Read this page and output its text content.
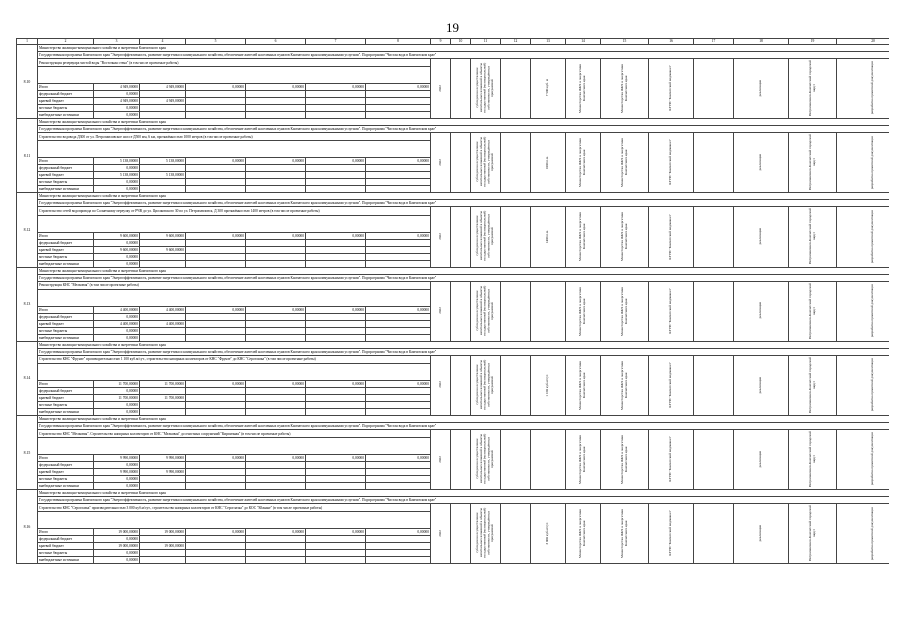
19
1	2	3	4	5	6	7	8	9	10	11	12	13	14	15	16	17	18	19	20
8.10	Министерство жилищно-коммунального хозяйства и энергетики Камчатского края																		
	Государственная программа Камчатского края "Энергоэффективность, развитие энергетики и коммунального хозяйства, обеспечение жителей населенных пунктов Камчатского края коммунальными услугами". Подпрограмма "Чистая вода в Камчатском крае"																		
	Реконструкция резервуара чистой воды "Восточная стена" (в том числе проектные работы)							2022		субсидии на осуществление капитальных вложений в объекты государственной (муниципальной) собственности, утверждённых программой		7 500 куб. м	Министерство ЖКХ и энергетики Камчатского края	Министерство ЖКХ и энергетики Камчатского края	КГУП "Камчатский водоканал"		реализация	Петропавловск-Камчатский городской округ	разработка проектной документации

	Итого	4 949,00000	4 949,00000	0,00000	0,00000	0,00000	0,00000												
	федеральный бюджет	0,00000																	
	краевой бюджет	4 949,00000	4 949,00000																
	местные бюджеты	0,00000																	
	внебюджетные источники	0,00000																	
8.11	Министерство жилищно-коммунального хозяйства и энергетики Камчатского края																		
	Государственная программа Камчатского края "Энергоэффективность, развитие энергетики и коммунального хозяйства, обеспечение жителей населенных пунктов Камчатского края коммунальными услугами". Подпрограмма "Чистая вода в Камчатском крае"																		
	Строительство водовода Д300 от ул. Петропавловское шоссе Д500 мм, 6 км, протяжённостью 1000 метров (в том числе проектные работы)							2022		субсидии на осуществление капитальных вложений в объекты государственной (муниципальной) собственности, утверждённых программой		1000 п.м.	Министерство ЖКХ и энергетики Камчатского края	Министерство ЖКХ и энергетики Камчатского края	КГУП "Камчатский водоканал"		реализация	Петропавловск-Камчатский городской округ	разработка проектной документации

	Итого	5 138,00000	5 138,00000	0,00000	0,00000	0,00000	0,00000												
	федеральный бюджет	0,00000																	
	краевой бюджет	5 138,00000	5 138,00000																
	местные бюджеты	0,00000																	
	внебюджетные источники	0,00000																	
8.12	Министерство жилищно-коммунального хозяйства и энергетики Камчатского края																		
	Государственная программа Камчатского края "Энергоэффективность, развитие энергетики и коммунального хозяйства, обеспечение жителей населенных пунктов Камчатского края коммунальными услугами". Подпрограмма "Чистая вода в Камчатском крае"																		
	Строительство сетей водопровода по Солнечному переулку от РЧВ до ул. Циолковского 30 по ул. Петропавловск, Д 300 протяжённостью 1400 метров (в том числе проектные работы)							2022		субсидии на осуществление капитальных вложений в объекты государственной (муниципальной) собственности, утверждённых программой		1400 п.м.	Министерство ЖКХ и энергетики Камчатского края	Министерство ЖКХ и энергетики Камчатского края	КГУП "Камчатский водоканал"		реализация	Петропавловск-Камчатский городской округ	разработка проектной документации

	Итого	9 600,00000	9 600,00000	0,00000	0,00000	0,00000	0,00000												
	федеральный бюджет	0,00000																	
	краевой бюджет	9 600,00000	9 600,00000																
	местные бюджеты	0,00000																	
	внебюджетные источники	0,00000																	
8.13	Министерство жилищно-коммунального хозяйства и энергетики Камчатского края																		
	Государственная программа Камчатского края "Энергоэффективность, развитие энергетики и коммунального хозяйства, обеспечение жителей населенных пунктов Камчатского края коммунальными услугами". Подпрограмма "Чистая вода в Камчатском крае"																		
	Реконструкция КНС "Мелковая" (в том числе проектные работы)							2022		субсидии на осуществление капитальных вложений в объекты государственной (муниципальной) собственности, утверждённых программой			Министерство ЖКХ и энергетики Камчатского края	Министерство ЖКХ и энергетики Камчатского края	КГУП "Камчатский водоканал"		реализация	Петропавловск-Камчатский городской округ	разработка проектной документации

	Итого	4 400,00000	4 400,00000	0,00000	0,00000	0,00000	0,00000												
	федеральный бюджет	0,00000																	
	краевой бюджет	4 400,00000	4 400,00000																
	местные бюджеты	0,00000																	
	внебюджетные источники	0,00000																	
8.14	Министерство жилищно-коммунального хозяйства и энергетики Камчатского края																		
	Государственная программа Камчатского края "Энергоэффективность, развитие энергетики и коммунального хозяйства, обеспечение жителей населенных пунктов Камчатского края коммунальными услугами". Подпрограмма "Чистая вода в Камчатском крае"																		
	Строительство КНС "Фрунзе" производительностью 1 100 куб.м/сут., строительство напорных коллекторов от КНС "Фрунзе" до КНС "Сероглазка" (в том числе проектные работы)							2022		субсидии на осуществление капитальных вложений в объекты государственной (муниципальной) собственности, утверждённых программой		1 100 куб.м/сут.	Министерство ЖКХ и энергетики Камчатского края	Министерство ЖКХ и энергетики Камчатского края	КГУП "Камчатский водоканал"		реализация	Петропавловск-Камчатский городской округ	разработка проектной документации

	Итого	11 700,00000	11 700,00000	0,00000	0,00000	0,00000	0,00000												
	федеральный бюджет	0,00000																	
	краевой бюджет	11 700,00000	11 700,00000																
	местные бюджеты	0,00000																	
	внебюджетные источники	0,00000																	
8.15	Министерство жилищно-коммунального хозяйства и энергетики Камчатского края																		
	Государственная программа Камчатского края "Энергоэффективность, развитие энергетики и коммунального хозяйства, обеспечение жителей населенных пунктов Камчатского края коммунальными услугами". Подпрограмма "Чистая вода в Камчатском крае"																		
	Строительство КНС "Мелковая". Строительство напорных коллекторов от КНС "Мелковая" до очистных сооружений "Кирпичная" (в том числе проектные работы)							2022		субсидии на осуществление капитальных вложений в объекты государственной (муниципальной) собственности, утверждённых программой			Министерство ЖКХ и энергетики Камчатского края	Министерство ЖКХ и энергетики Камчатского края	КГУП "Камчатский водоканал"		реализация	Петропавловск-Камчатский городской округ	разработка проектной документации

	Итого	9 990,00000	9 990,00000	0,00000	0,00000	0,00000	0,00000												
	федеральный бюджет	0,00000																	
	краевой бюджет	9 990,00000	9 990,00000																
	местные бюджеты	0,00000																	
	внебюджетные источники	0,00000																	
8.16	Министерство жилищно-коммунального хозяйства и энергетики Камчатского края																		
	Государственная программа Камчатского края "Энергоэффективность, развитие энергетики и коммунального хозяйства, обеспечение жителей населенных пунктов Камчатского края коммунальными услугами". Подпрограмма "Чистая вода в Камчатском крае"																		
	Строительство КНС "Сероглазка" производительностью 3 000 куб.м/сут., строительство напорных коллекторов от КНС "Сероглазка" до КОС "Южные" (в том числе проектные работы)							2022		субсидии на осуществление капитальных вложений в объекты государственной (муниципальной) собственности, утверждённых программой		3 000 куб.м/сут.	Министерство ЖКХ и энергетики Камчатского края	Министерство ЖКХ и энергетики Камчатского края	КГУП "Камчатский водоканал"		реализация	Петропавловск-Камчатский городской округ	разработка проектной документации

	Итого	19 000,00000	19 000,00000	0,00000	0,00000	0,00000	0,00000												
	федеральный бюджет	0,00000																	
	краевой бюджет	19 000,00000	19 000,00000																
	местные бюджеты	0,00000																	
	внебюджетные источники	0,00000																	
